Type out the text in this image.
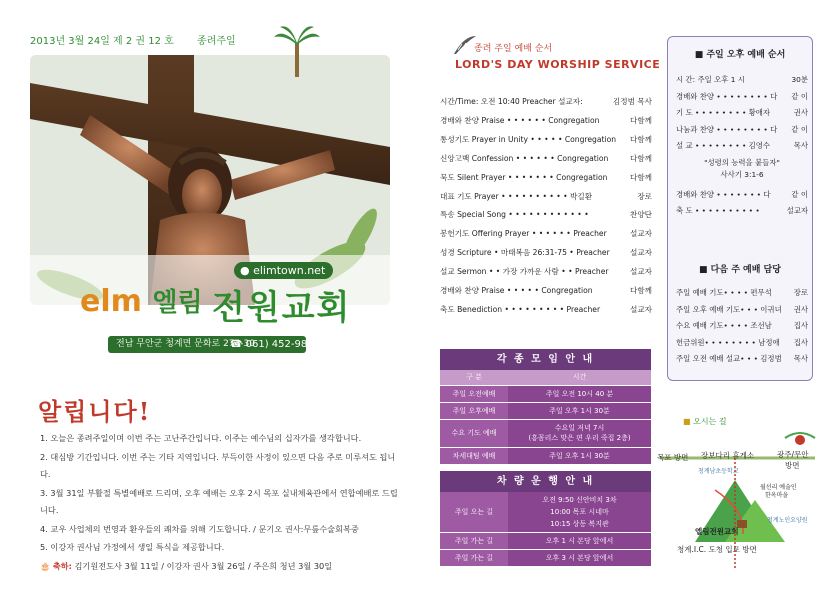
2013년 3월 24일 제 2 권 12 호 종려주일
● elimtown.net
elm 엘림 전원교회
전남 무안군 청계면 문화로 274-30
☎ 061) 452-9834
알립니다!
1. 오늘은 종려주일이며 이번 주는 고난주간입니다. 이주는 예수님의 십자가를 생각합니다.
2. 대심방 기간입니다. 이번 주는 기타 지역입니다. 부득이한 사정이 있으면 다음 주로 미루셔도 됩니다.
3. 3월 31일 부활절 특별예배로 드리며, 오후 예배는 오후 2시 목포 실내체육관에서 연합예배로 드립니다.
4. 교우 사업체의 번영과 환우들의 쾌차를 위해 기도합니다. / 문기오 권사:무릎수술회복중
5. 이강자 권사님 가정에서 생일 특식을 제공합니다.
🎂 축하: 김기원전도사 3월 11일 / 이강자 권사 3월 26일 / 주은희 청년 3월 30일
종려 주일 예배 순서
LORD'S DAY WORSHIP SERVICE
시간/Time: 오전 10:40 Preacher 설교자:	김정범 목사
경배와 찬양 Praise • • • • • • Congregation	다함께
통성기도 Prayer in Unity • • • • • Congregation	다함께
신앙고백 Confession • • • • • • Congregation	다함께
묵도 Silent Prayer • • • • • • • Congregation	다함께
대표 기도 Prayer • • • • • • • • • • 박길환	장로
특송 Special Song • • • • • • • • • • • •	찬양단
봉헌기도 Offering Prayer • • • • • • Preacher	설교자
성경 Scripture • 마태복음 26:31-75 • Preacher	설교자
설교 Sermon • • 가장 가까운 사람 • • Preacher	설교자
경배와 찬양 Praise • • • • • Congregation	다함께
축도 Benediction • • • • • • • • • Preacher	설교자
각 종 모 임 안 내
구 분	시간
주일 오전예배	주일 오전 10시 40 분
주일 오후예배	주일 오후 1시 30분
수요 기도 예배	수요일 저녁 7시
(흥꼼리스 맞은 편 우리 죽집 2층)
차세대팀 예배	주일 오후 1시 30분
차 량 운 행 안 내
주일 오는 길	오전 9:50 신안비치 3차
10:00 목포 시네마
10:15 상동 복지관
주일 가는 길	오후 1 시 본당 앞에서
주일 가는 길	오후 3 시 본당 앞에서
■ 주일 오후 예배 순서
시 간: 주일 오후 1 시	30분
경배와 찬양 • • • • • • • • 다 같 이
기 도 • • • • • • • • 황애자	권사
나눔과 찬양 • • • • • • • • 다 같 이
설 교 • • • • • • • • 김영수	목사
"성령의 능력을 붙들자"
사사기 3:1-6
경배와 찬양 • • • • • • • 다	같 이
축 도 • • • • • • • • • •	설교자
■ 다음 주 예배 담당
주일 예배 기도• • • • 편무석	장로
주일 오후 예배 기도• • • 이귀녀 권사
수요 예배 기도• • • • 조선남	집사
헌금위원• • • • • • • • 남정애 집사
주일 오전 예배 설교• • • 김정범 목사
■ 오시는 길
목포 방면 장보다리 휴게소	광주/무안
방면
청계남초등학교
월선리 예술인
한옥마을
엘림전원교회
청계노인요양원
청계.I.C. 도청 입로 방면
